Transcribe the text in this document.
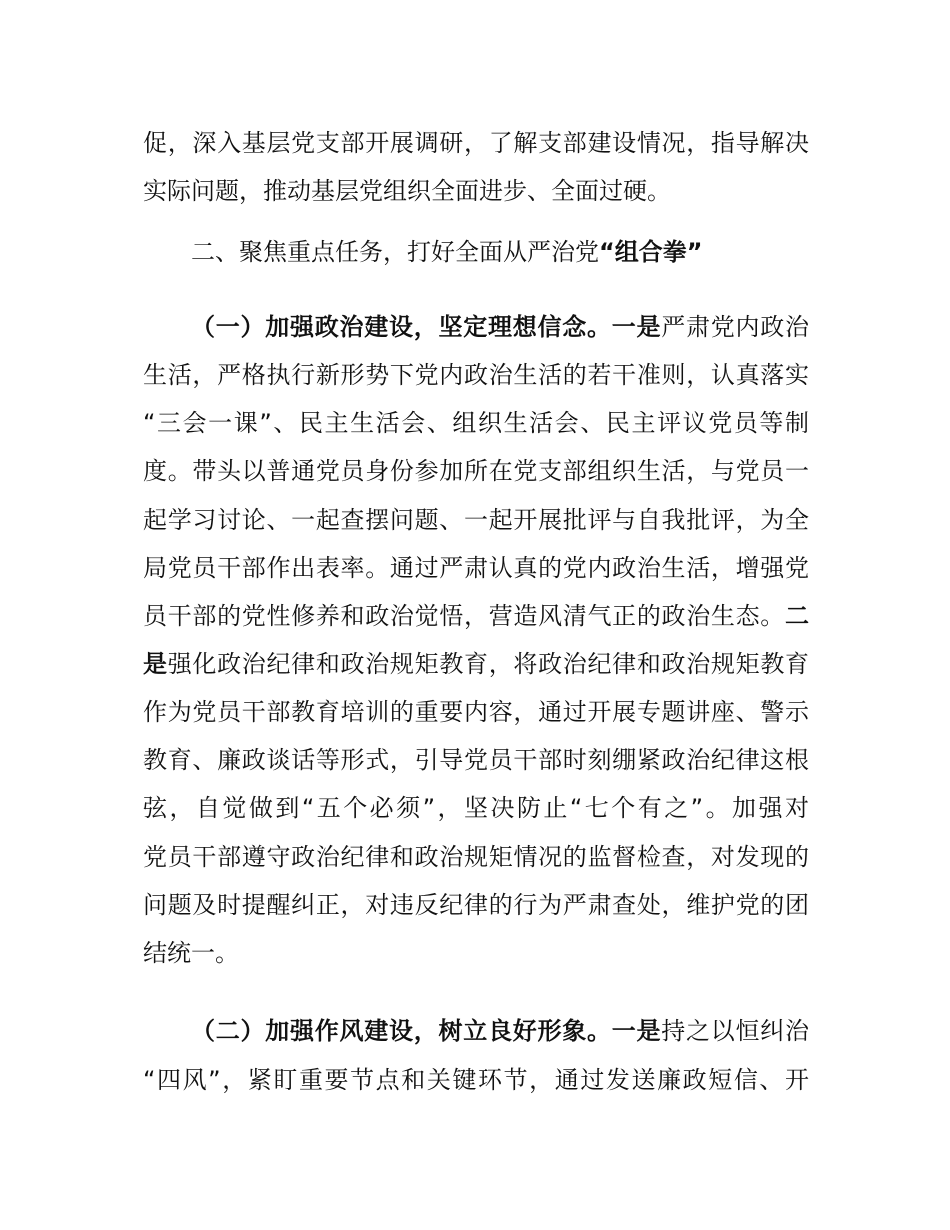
促，深入基层党支部开展调研，了解支部建设情况，指导解决
实际问题，推动基层党组织全面进步、全面过硬。
二、聚焦重点任务，打好全面从严治党“组合拳”
（一）加强政治建设，坚定理想信念。一是严肃党内政治
生活，严格执行新形势下党内政治生活的若干准则，认真落实
“三会一课”、民主生活会、组织生活会、民主评议党员等制
度。带头以普通党员身份参加所在党支部组织生活，与党员一
起学习讨论、一起查摆问题、一起开展批评与自我批评，为全
局党员干部作出表率。通过严肃认真的党内政治生活，增强党
员干部的党性修养和政治觉悟，营造风清气正的政治生态。二
是强化政治纪律和政治规矩教育，将政治纪律和政治规矩教育
作为党员干部教育培训的重要内容，通过开展专题讲座、警示
教育、廉政谈话等形式，引导党员干部时刻绷紧政治纪律这根
弦，自觉做到“五个必须”，坚决防止“七个有之”。加强对
党员干部遵守政治纪律和政治规矩情况的监督检查，对发现的
问题及时提醒纠正，对违反纪律的行为严肃查处，维护党的团
结统一。
（二）加强作风建设，树立良好形象。一是持之以恒纠治
“四风”，紧盯重要节点和关键环节，通过发送廉政短信、开
